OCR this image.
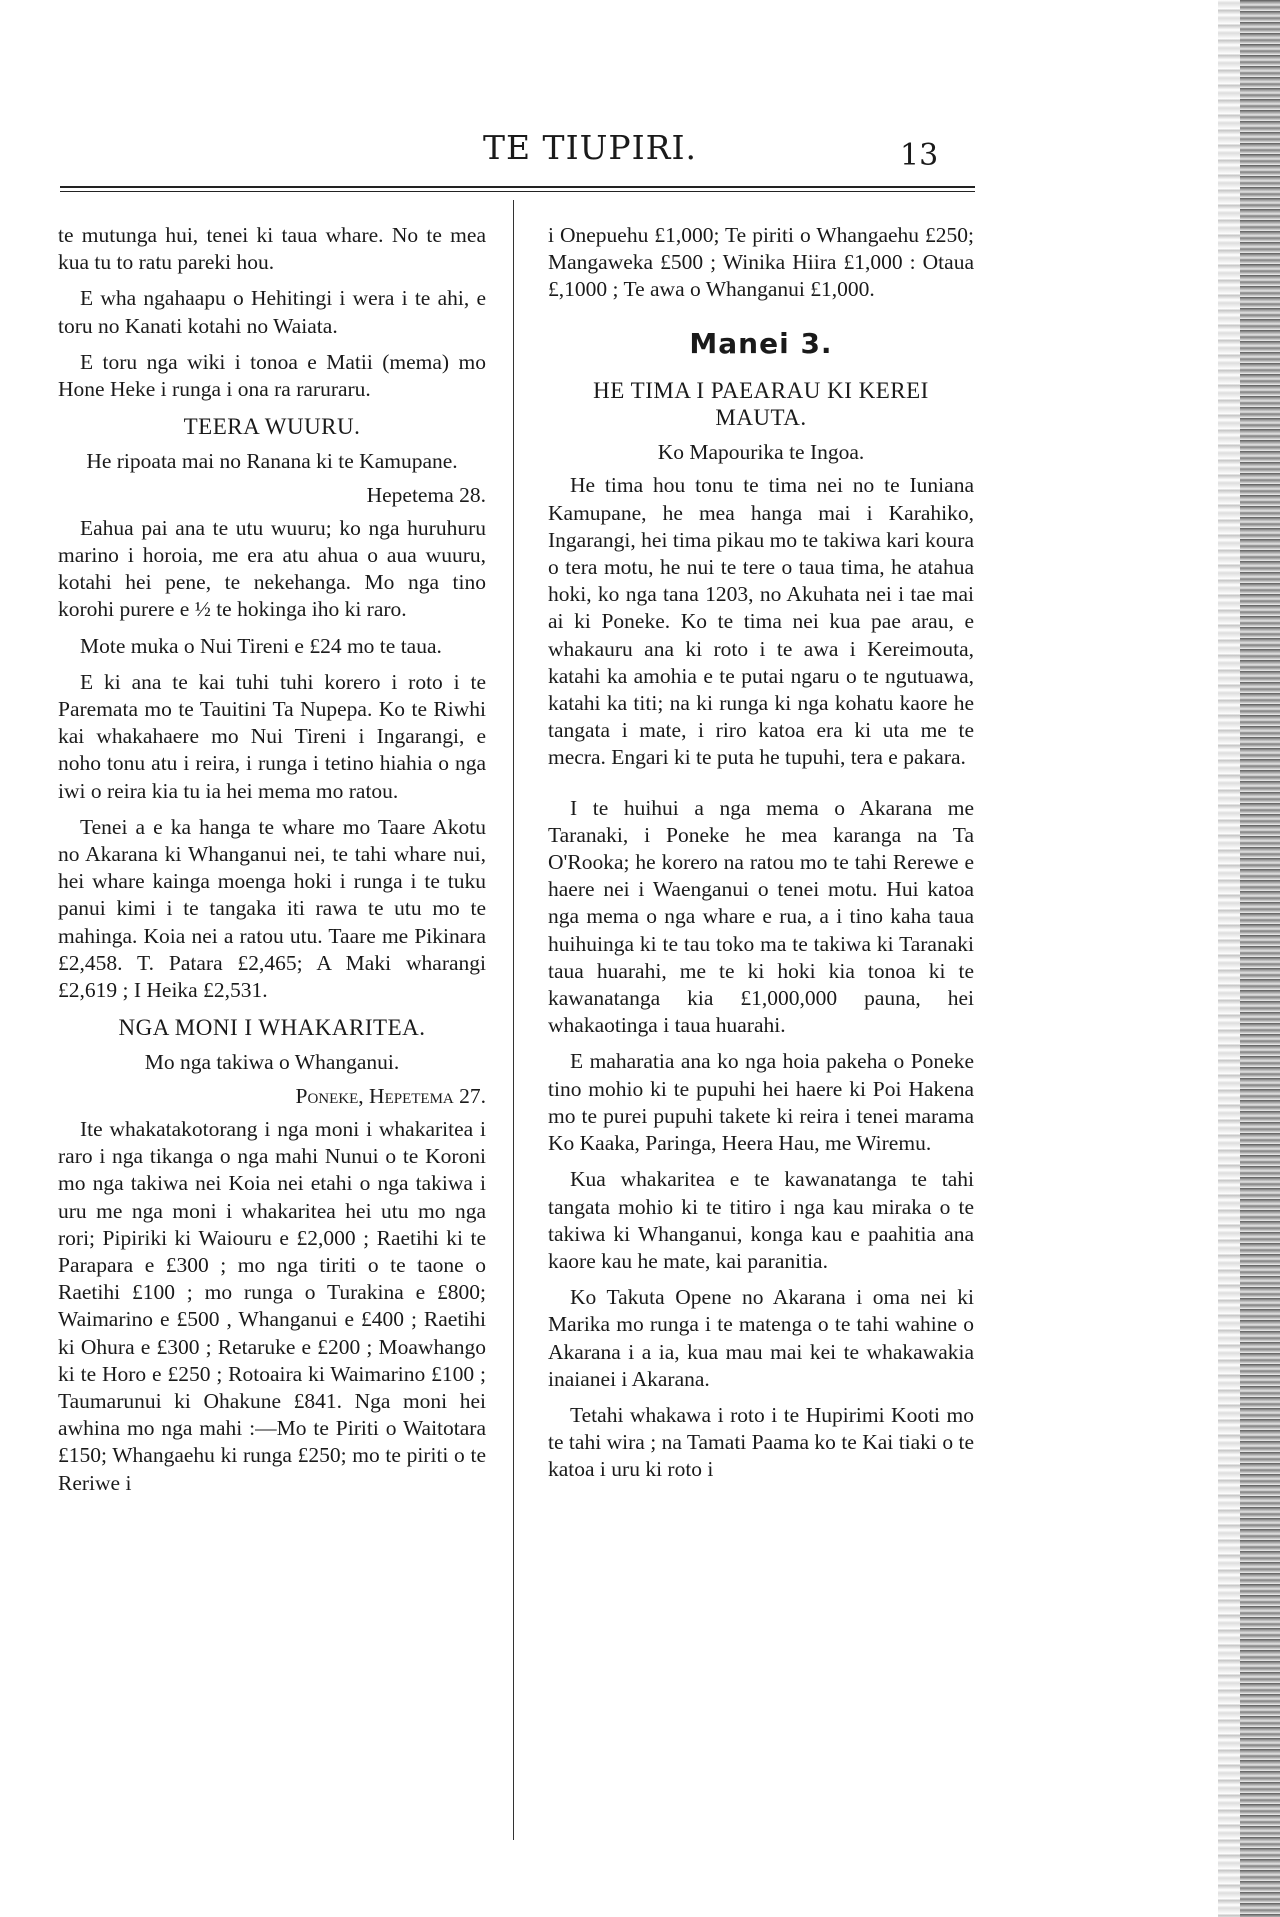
TE TIUPIRI.	13

te mutunga hui, tenei ki taua whare. No te mea kua tu to ratu pareki hou.

E wha ngahaapu o Hehitingi i wera i te ahi, e toru no Kanati kotahi no Waiata.

E toru nga wiki i tonoa e Matii (mema) mo Hone Heke i runga i ona ra raruraru.

TEERA WUURU.

He ripoata mai no Ranana ki te Kamupane.

Hepetema 28.

Eahua pai ana te utu wuuru; ko nga huruhuru marino i horoia, me era atu ahua o aua wuuru, kotahi hei pene, te nekehanga. Mo nga tino korohi purere e ½ te hokinga iho ki raro.

Mote muka o Nui Tireni e £24 mo te taua.

E ki ana te kai tuhi tuhi korero i roto i te Paremata mo te Tauitini Ta Nupepa. Ko te Riwhi kai whakahaere mo Nui Tireni i Ingarangi, e noho tonu atu i reira, i runga i tetino hiahia o nga iwi o reira kia tu ia hei mema mo ratou.

Tenei a e ka hanga te whare mo Taare Akotu no Akarana ki Whanganui nei, te tahi whare nui, hei whare kainga moenga hoki i runga i te tuku panui kimi i te tangaka iti rawa te utu mo te mahinga. Koia nei a ratou utu. Taare me Pikinara £2,458. T. Patara £2,465; A Maki wharangi £2,619 ; I Heika £2,531.

NGA MONI I WHAKARITEA.

Mo nga takiwa o Whanganui.

Poneke, Hepetema 27.

Ite whakatakotorang i nga moni i whakaritea i raro i nga tikanga o nga mahi Nunui o te Koroni mo nga takiwa nei Koia nei etahi o nga takiwa i uru me nga moni i whakaritea hei utu mo nga rori; Pipiriki ki Waiouru e £2,000 ; Raetihi ki te Parapara e £300 ; mo nga tiriti o te taone o Raetihi £100 ; mo runga o Turakina e £800; Waimarino e £500 , Whanganui e £400 ; Raetihi ki Ohura e £300 ; Retaruke e £200 ; Moawhango ki te Horo e £250 ; Rotoaira ki Waimarino £100 ; Taumarunui ki Ohakune £841. Nga moni hei awhina mo nga mahi :—Mo te Piriti o Waitotara £150; Whangaehu ki runga £250; mo te piriti o te Reriwe i

i Onepuehu £1,000; Te piriti o Whangaehu £250; Mangaweka £500 ; Winika Hiira £1,000 : Otaua £,1000 ; Te awa o Whanganui £1,000.

Manei 3.
HE TIMA I PAEARAU KI KEREI MAUTA.

Ko Mapourika te Ingoa.

He tima hou tonu te tima nei no te Iuniana Kamupane, he mea hanga mai i Karahiko, Ingarangi, hei tima pikau mo te takiwa kari koura o tera motu, he nui te tere o taua tima, he atahua hoki, ko nga tana 1203, no Akuhata nei i tae mai ai ki Poneke. Ko te tima nei kua pae arau, e whakauru ana ki roto i te awa i Kereimouta, katahi ka amohia e te putai ngaru o te ngutuawa, katahi ka titi; na ki runga ki nga kohatu kaore he tangata i mate, i riro katoa era ki uta me te mecra. Engari ki te puta he tupuhi, tera e pakara.

I te huihui a nga mema o Akarana me Taranaki, i Poneke he mea karanga na Ta O'Rooka; he korero na ratou mo te tahi Rerewe e haere nei i Waenganui o tenei motu. Hui katoa nga mema o nga whare e rua, a i tino kaha taua huihuinga ki te tau toko ma te takiwa ki Taranaki taua huarahi, me te ki hoki kia tonoa ki te kawanatanga kia £1,000,000 pauna, hei whakaotinga i taua huarahi.

E maharatia ana ko nga hoia pakeha o Poneke tino mohio ki te pupuhi hei haere ki Poi Hakena mo te purei pupuhi takete ki reira i tenei marama Ko Kaaka, Paringa, Heera Hau, me Wiremu.

Kua whakaritea e te kawanatanga te tahi tangata mohio ki te titiro i nga kau miraka o te takiwa ki Whanganui, konga kau e paahitia ana kaore kau he mate, kai paranitia.

Ko Takuta Opene no Akarana i oma nei ki Marika mo runga i te matenga o te tahi wahine o Akarana i a ia, kua mau mai kei te whakawakia inaianei i Akarana.

Tetahi whakawa i roto i te Hupirimi Kooti mo te tahi wira ; na Tamati Paama ko te Kai tiaki o te katoa i uru ki roto i
